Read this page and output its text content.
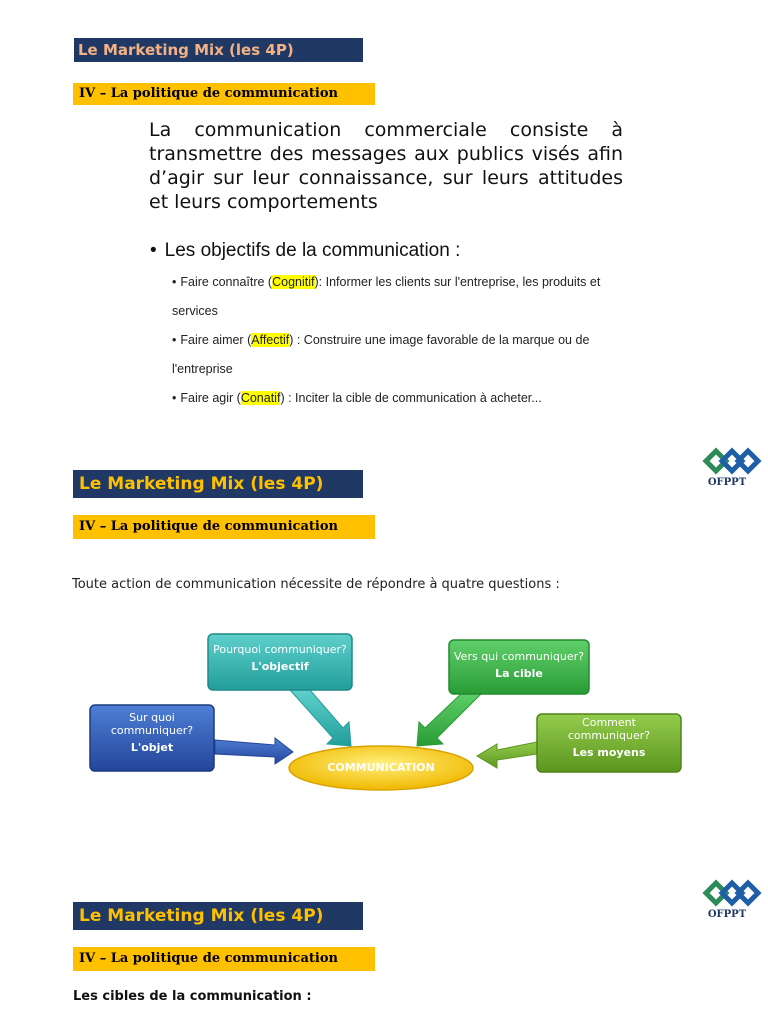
Le Marketing Mix (les 4P)
IV – La politique de communication
La communication commerciale consiste à transmettre des messages aux publics visés afin d’agir sur leur connaissance, sur leurs attitudes et leurs comportements
• Les objectifs de la communication :
• Faire connaître (Cognitif): Informer les clients sur l'entreprise, les produits et services
• Faire aimer (Affectif) : Construire une image favorable de la marque ou de l'entreprise
• Faire agir (Conatif) : Inciter la cible de communication à acheter...
OFPPT
Le Marketing Mix (les 4P)
IV – La politique de communication
Toute action de communication nécessite de répondre à quatre questions :
Sur quoi communiquer?
L'objet
Pourquoi communiquer?
L'objectif
Vers qui communiquer?
La cible
Comment communiquer?
Les moyens
COMMUNICATION
OFPPT
Le Marketing Mix (les 4P)
IV – La politique de communication
Les cibles de la communication :
